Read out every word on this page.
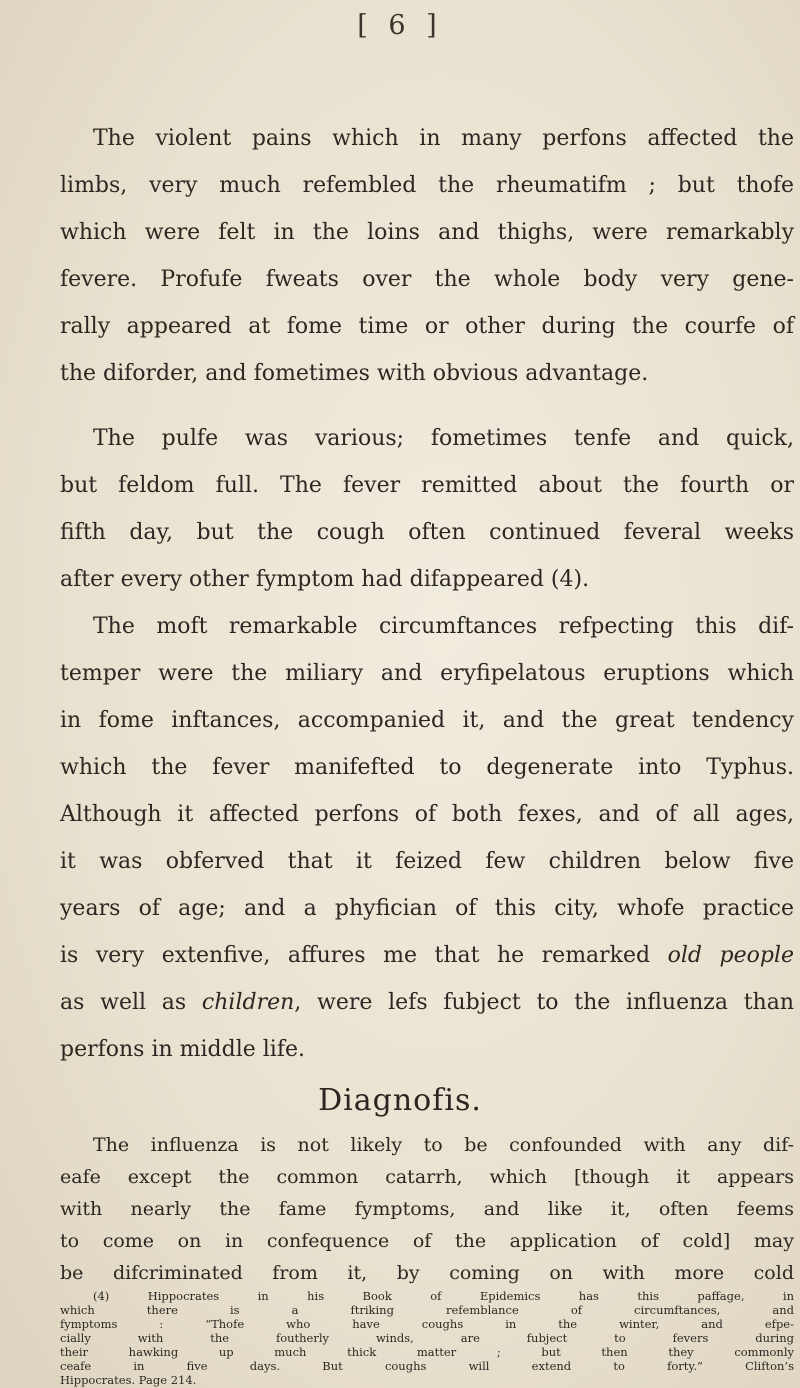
[ 6 ]
The violent pains which in many perfons affected the
limbs, very much refembled the rheumatifm ; but thofe
which were felt in the loins and thighs, were remarkably
fevere. Profufe fweats over the whole body very gene-
rally appeared at fome time or other during the courfe of
the diforder, and fometimes with obvious advantage.
The pulfe was various; fometimes tenfe and quick,
but feldom full. The fever remitted about the fourth or
fifth day, but the cough often continued feveral weeks
after every other fymptom had difappeared (4).
The moft remarkable circumftances refpecting this dif-
temper were the miliary and eryfipelatous eruptions which
in fome inftances, accompanied it, and the great tendency
which the fever manifefted to degenerate into Typhus.
Although it affected perfons of both fexes, and of all ages,
it was obferved that it feized few children below five
years of age; and a phyfician of this city, whofe practice
is very extenfive, affures me that he remarked old people
as well as children, were lefs fubject to the influenza than
perfons in middle life.
Diagnofis.
The influenza is not likely to be confounded with any dif-
eafe except the common catarrh, which [though it appears
with nearly the fame fymptoms, and like it, often feems
to come on in confequence of the application of cold] may
be difcriminated from it, by coming on with more cold
(4) Hippocrates in his Book of Epidemics has this paffage, in
which there is a ftriking refemblance of circumftances, and
fymptoms : “Thofe who have coughs in the winter, and efpe-
cially with the foutherly winds, are fubject to fevers during
their hawking up much thick matter ; but then they commonly
ceafe in five days. But coughs will extend to forty.” Clifton’s
Hippocrates. Page 214.
